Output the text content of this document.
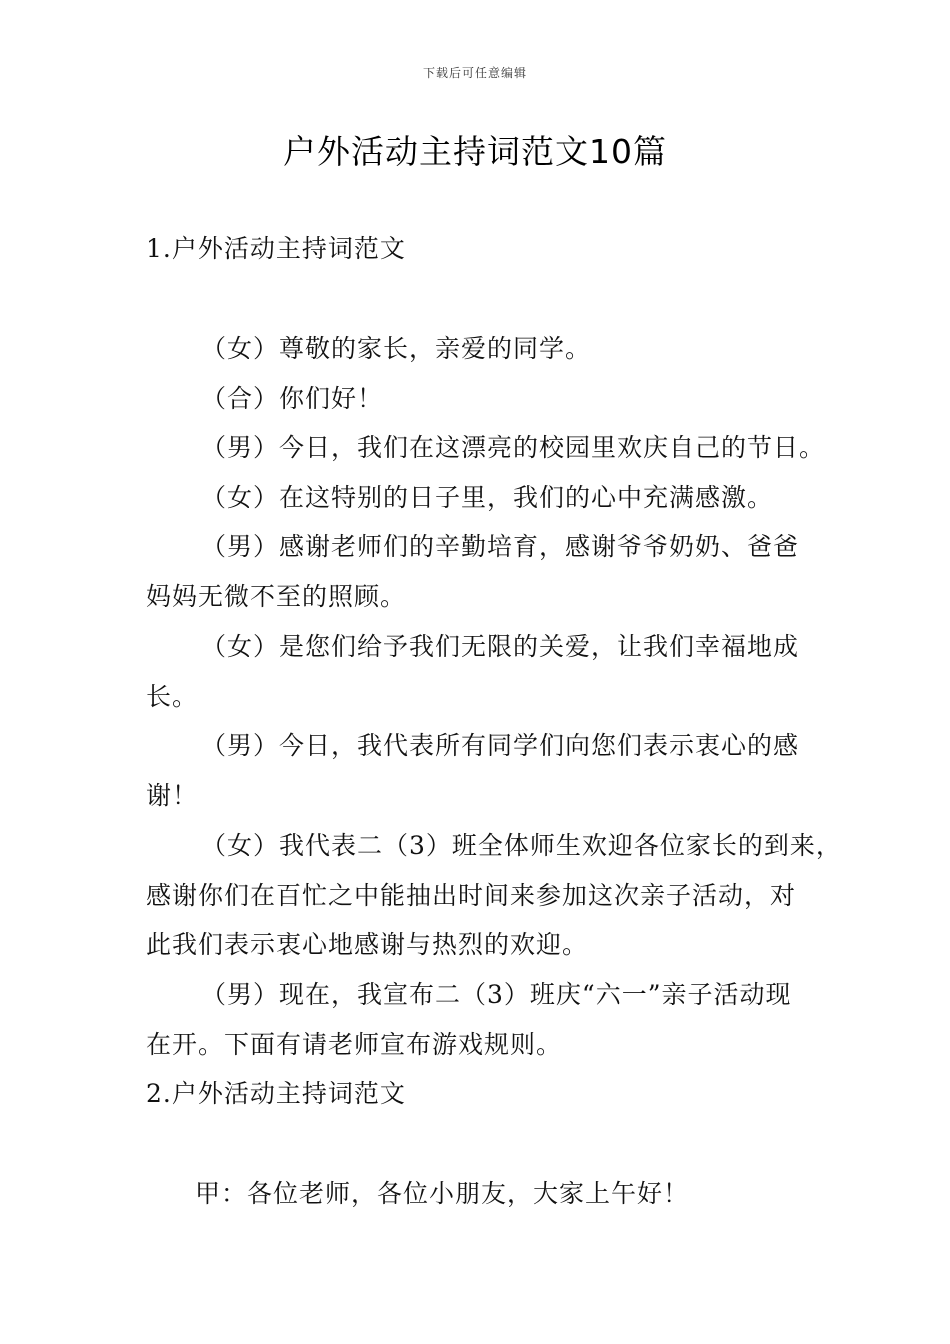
下载后可任意编辑
户外活动主持词范文10篇
1.户外活动主持词范文
（女）尊敬的家长，亲爱的同学。
（合）你们好！
（男）今日，我们在这漂亮的校园里欢庆自己的节日。
（女）在这特别的日子里，我们的心中充满感激。
（男）感谢老师们的辛勤培育，感谢爷爷奶奶、爸爸
妈妈无微不至的照顾。
（女）是您们给予我们无限的关爱，让我们幸福地成
长。
（男）今日，我代表所有同学们向您们表示衷心的感
谢！
（女）我代表二（3）班全体师生欢迎各位家长的到来，
感谢你们在百忙之中能抽出时间来参加这次亲子活动，对
此我们表示衷心地感谢与热烈的欢迎。
（男）现在，我宣布二（3）班庆“六一”亲子活动现
在开。下面有请老师宣布游戏规则。
2.户外活动主持词范文
甲：各位老师，各位小朋友，大家上午好！
